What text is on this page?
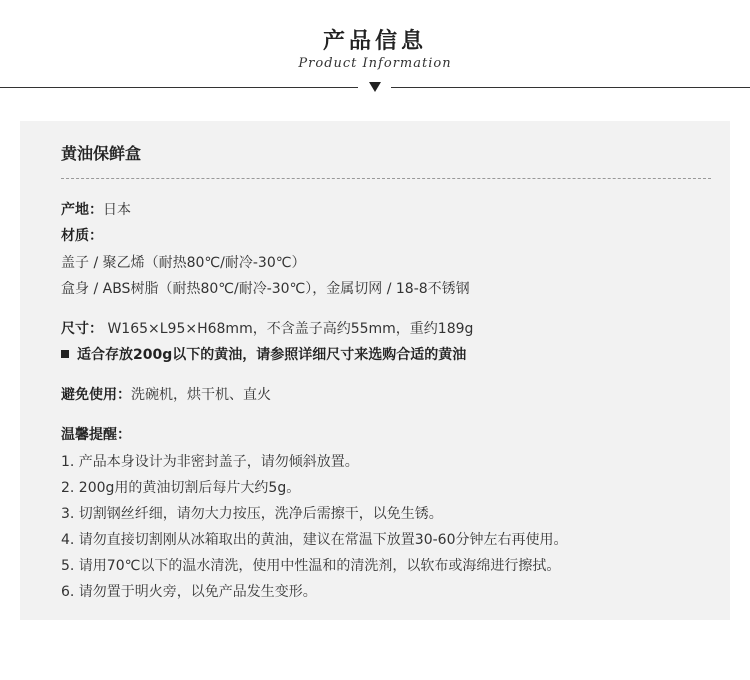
产品信息
Product Information
黄油保鲜盒
产地：日本
材质：
盖子 / 聚乙烯（耐热80℃/耐冷-30℃）
盒身 / ABS树脂（耐热80℃/耐冷-30℃），金属切网 / 18-8不锈钢
尺寸： W165×L95×H68mm，不含盖子高约55mm，重约189g
适合存放200g以下的黄油，请参照详细尺寸来选购合适的黄油
避免使用：洗碗机，烘干机、直火
温馨提醒：
1. 产品本身设计为非密封盖子，请勿倾斜放置。
2. 200g用的黄油切割后每片大约5g。
3. 切割钢丝纤细，请勿大力按压，洗净后需擦干，以免生锈。
4. 请勿直接切割刚从冰箱取出的黄油，建议在常温下放置30-60分钟左右再使用。
5. 请用70℃以下的温水清洗，使用中性温和的清洗剂，以软布或海绵进行擦拭。
6. 请勿置于明火旁，以免产品发生变形。
